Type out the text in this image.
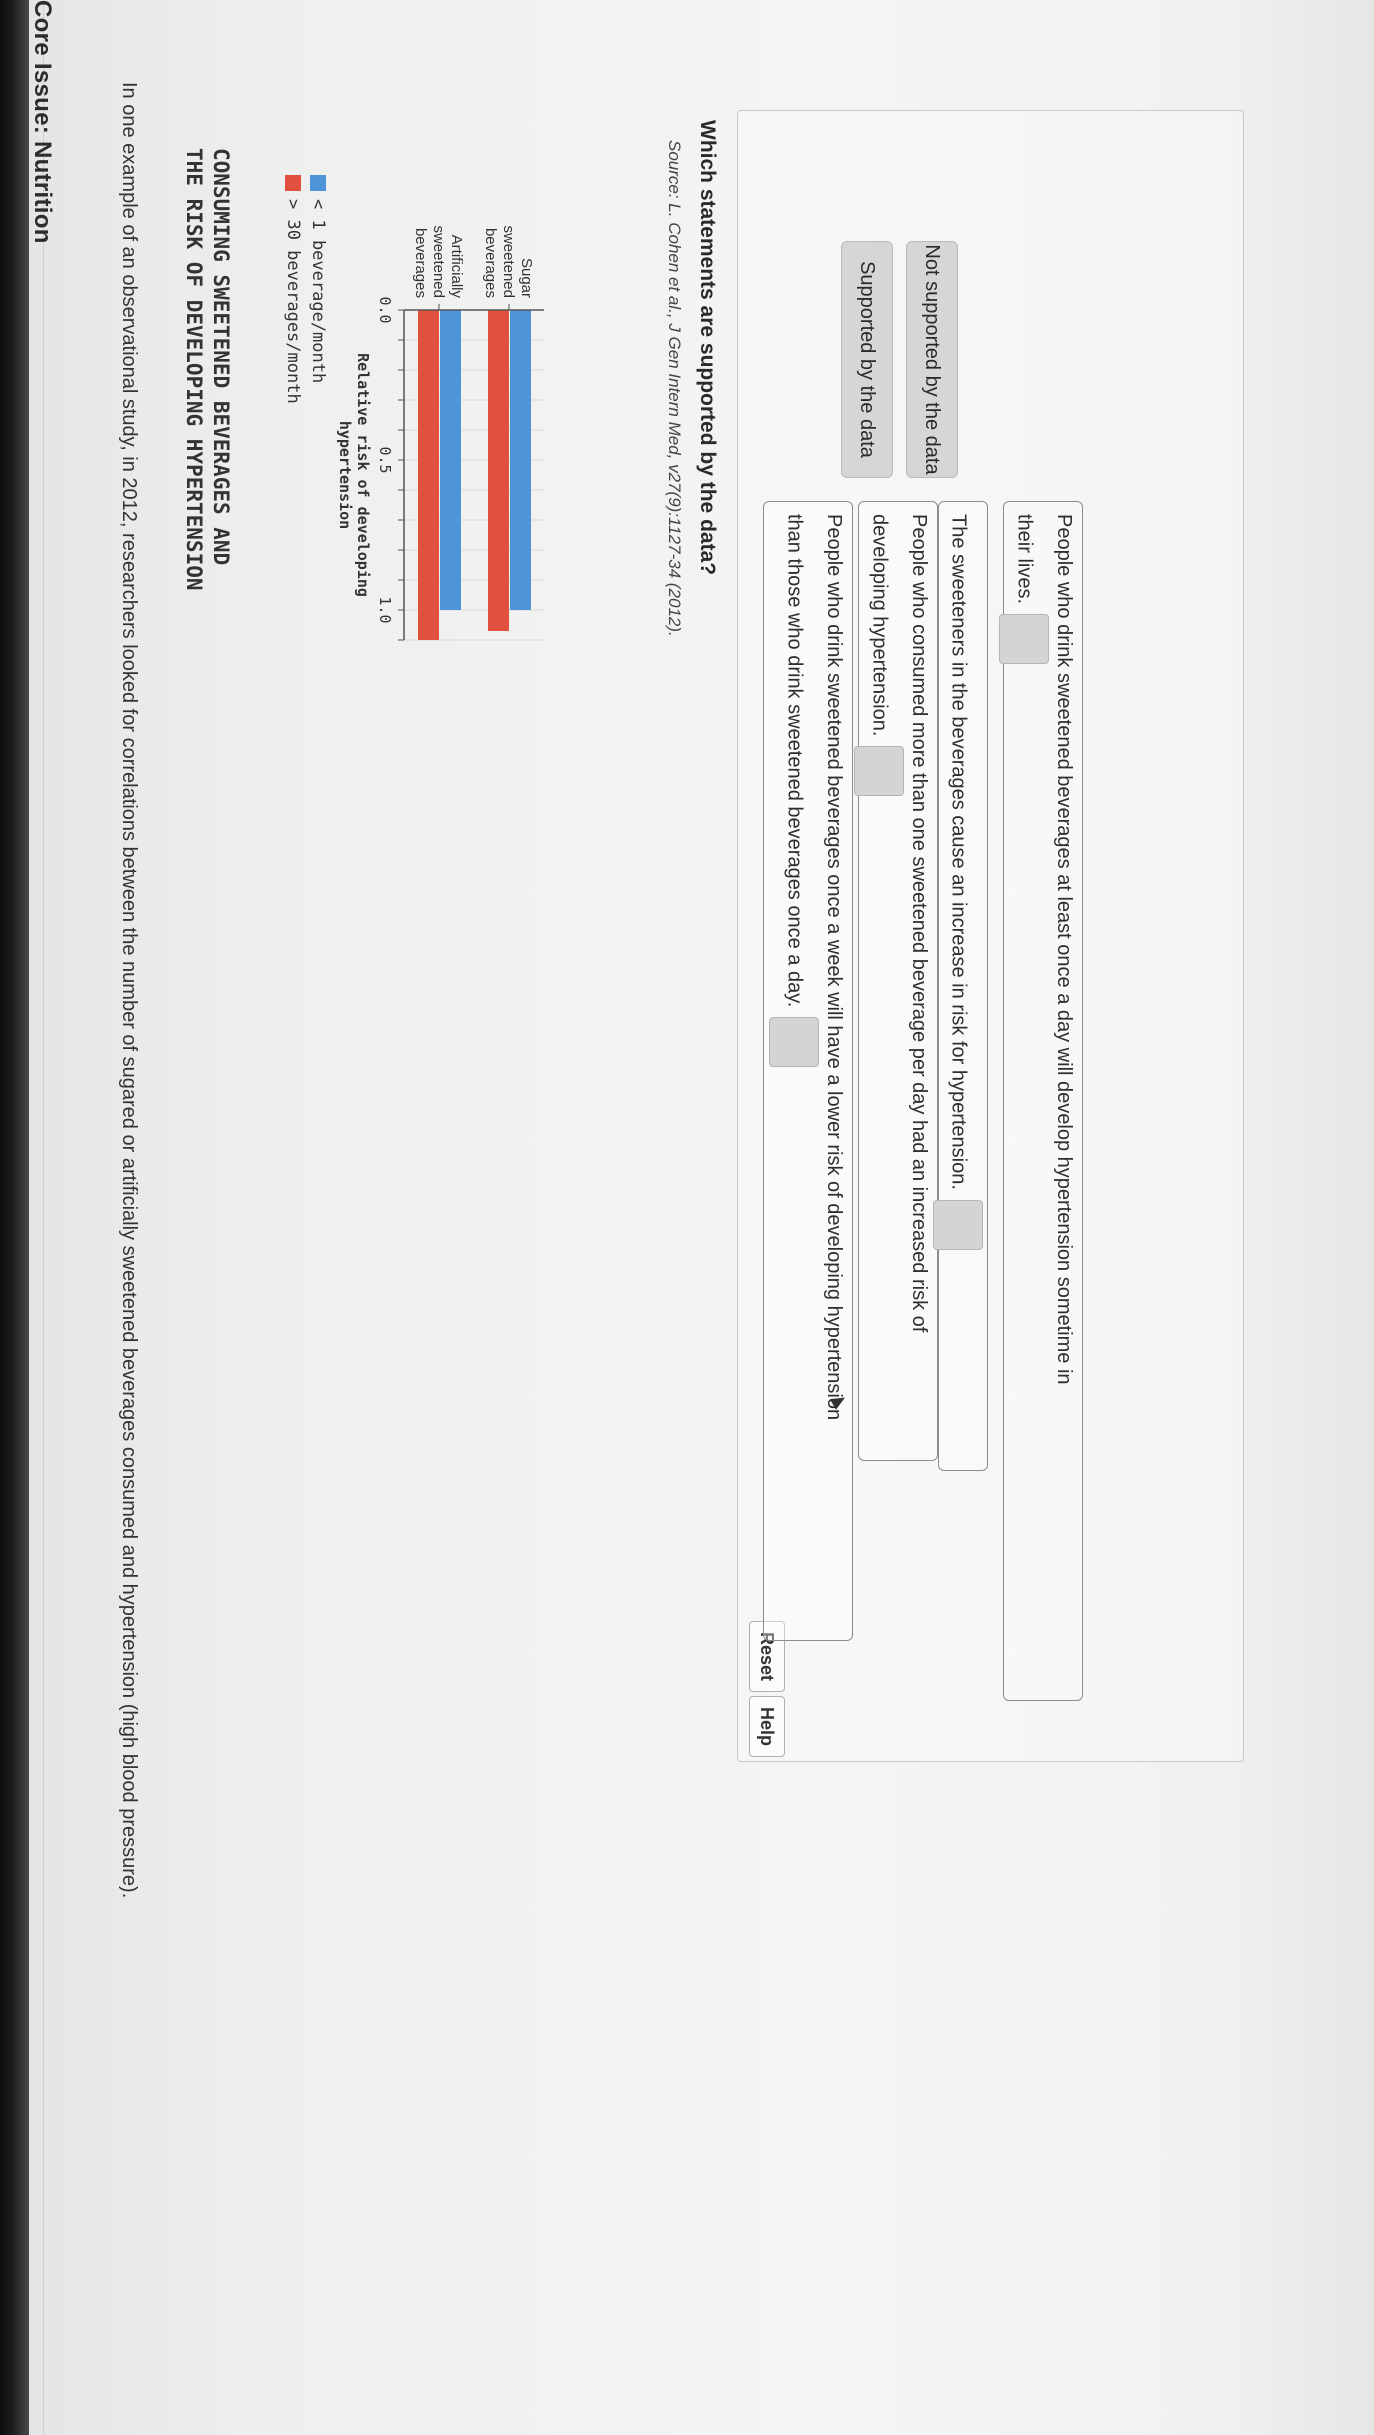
Core Issue: Nutrition	In one example of an observational study, in 2012, researchers looked for correlations between the number of sugared or artificially sweetened beverages consumed and hypertension (high blood pressure).	CONSUMING SWEETENED BEVERAGES AND
THE RISK OF DEVELOPING HYPERTENSION	< 1 beverage/month
> 30 beverages/month	Sugar
sweetened
beverages
Artificially
sweetened
beverages
0.0
0.5
1.0
Relative risk of developing
hypertension	Source: L. Cohen et al., J Gen Intern Med, v27(9):1127-34 (2012). Which statements are supported by the data?
Reset
Help
Supported by the data	Not supported by the data
People who drink sweetened beverages once a week will have a lower risk of developing hypertension
than those who drink sweetened beverages once a day.	People who consumed more than one sweetened beverage per day had an increased risk of
developing hypertension.	The sweeteners in the beverages cause an increase in risk for hypertension.	People who drink sweetened beverages at least once a day will develop hypertension sometime in
their lives.
